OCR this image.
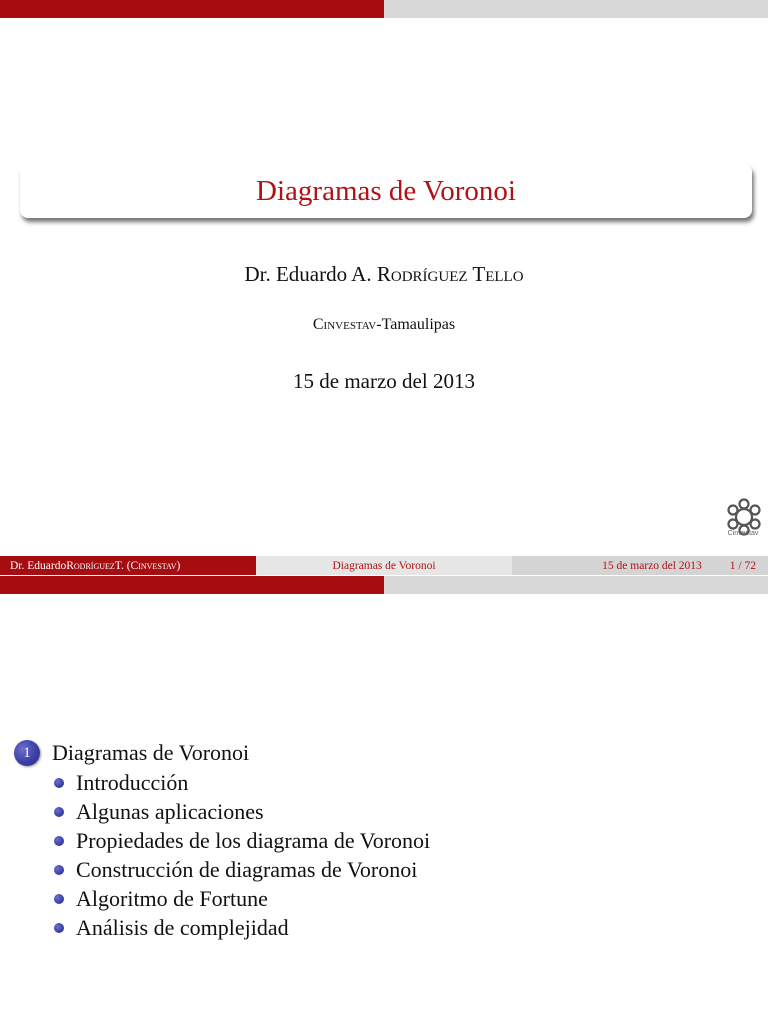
Diagramas de Voronoi
Dr. Eduardo A. Rodríguez Tello
Cinvestav-Tamaulipas
15 de marzo del 2013
Cinvestav
Dr. Eduardo Rodríguez T. ( Cinvestav )	Diagramas de Voronoi	15 de marzo del 2013 1 / 72
1 Diagramas de Voronoi
Introducción
Algunas aplicaciones
Propiedades de los diagrama de Voronoi
Construcción de diagramas de Voronoi
Algoritmo de Fortune
Análisis de complejidad
